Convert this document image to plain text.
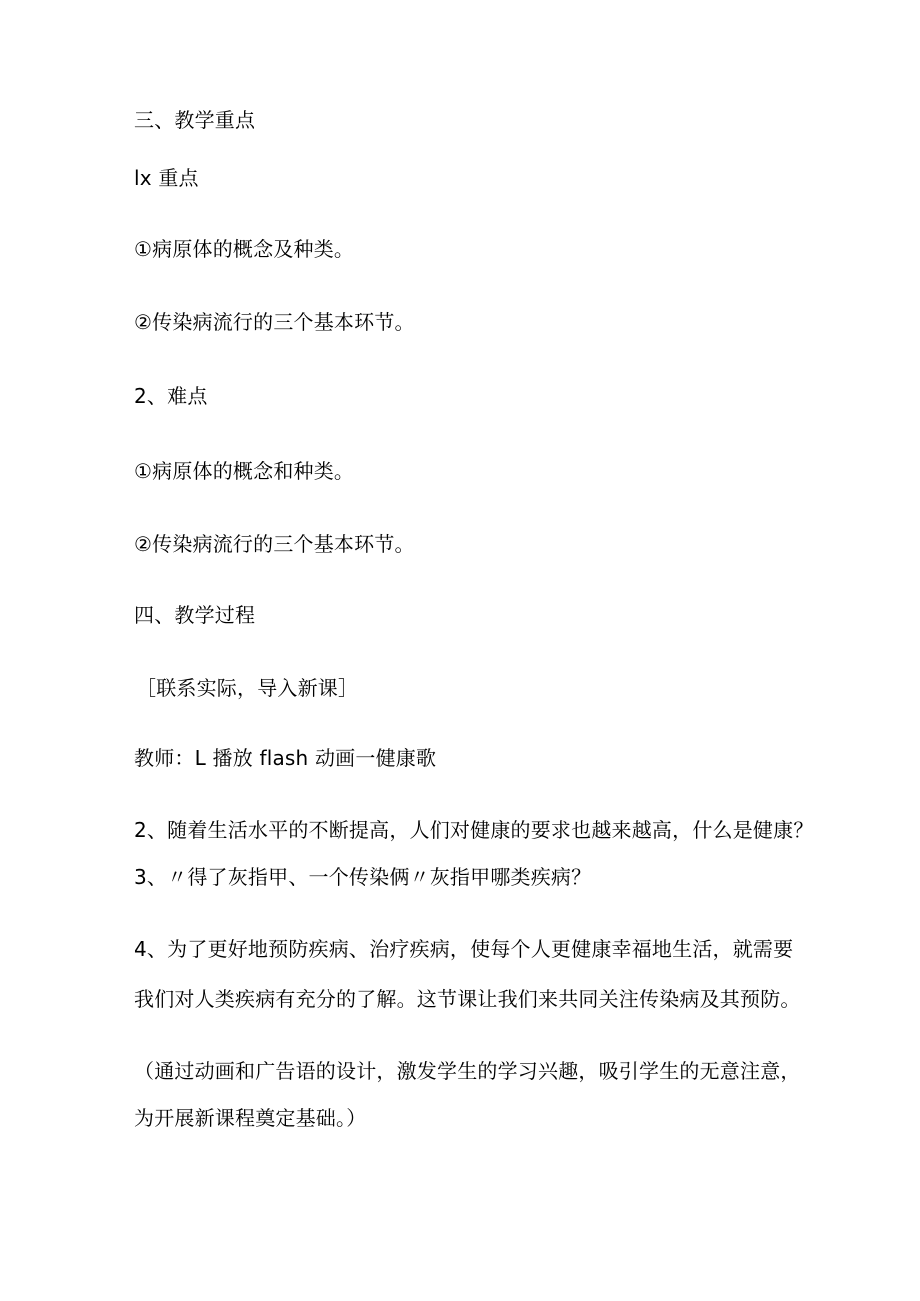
三、教学重点
lx 重点
①病原体的概念及种类。
②传染病流行的三个基本环节。
2、难点
①病原体的概念和种类。
②传染病流行的三个基本环节。
四、教学过程
［联系实际，导入新课］
教师：L 播放 flash 动画一健康歌
2、随着生活水平的不断提高，人们对健康的要求也越来越高，什么是健康？
3、〃得了灰指甲、一个传染俩〃灰指甲哪类疾病？
4、为了更好地预防疾病、治疗疾病，使每个人更健康幸福地生活，就需要
我们对人类疾病有充分的了解。这节课让我们来共同关注传染病及其预防。
（通过动画和广告语的设计，激发学生的学习兴趣，吸引学生的无意注意，
为开展新课程奠定基础。）
